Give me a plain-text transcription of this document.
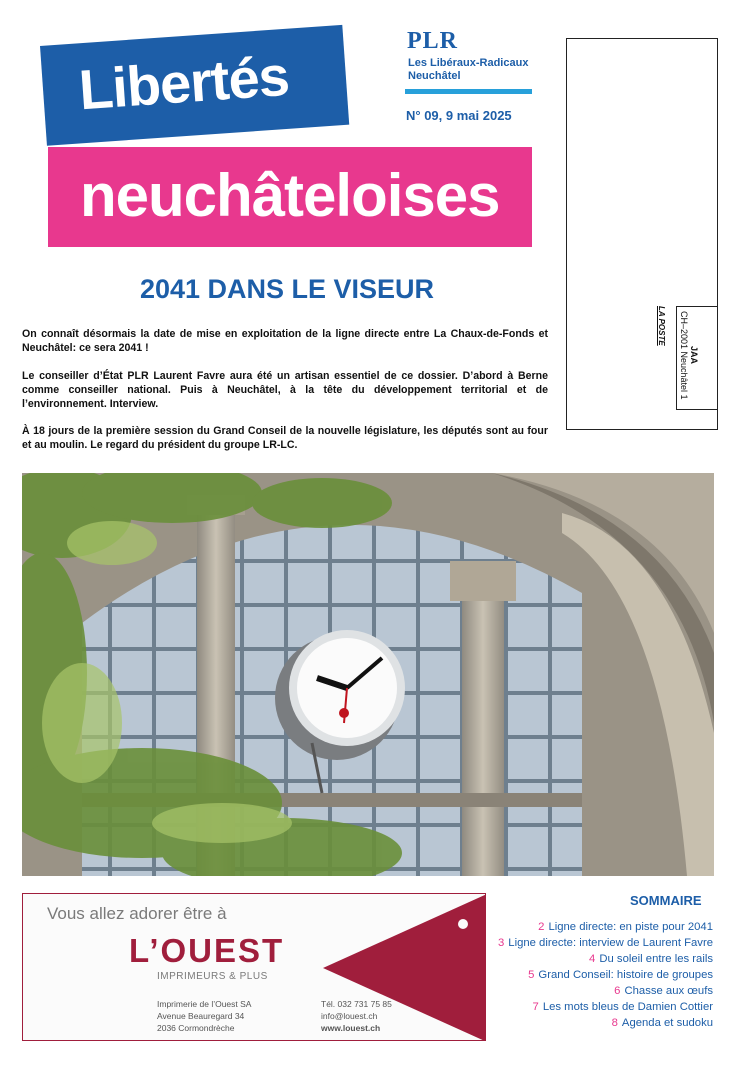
Libertés
neuchâteloises
PLR
Les Libéraux-Radicaux
Neuchâtel
N° 09, 9 mai 2025
JAA
CH–2001 Neuchâtel 1
LA POSTE
2041 DANS LE VISEUR
On connaît désormais la date de mise en exploitation de la ligne directe entre La Chaux-de-Fonds et Neuchâtel: ce sera 2041 !
Le conseiller d’État PLR Laurent Favre aura été un artisan essentiel de ce dossier. D’abord à Berne comme conseiller national. Puis à Neuchâtel, à la tête du développement territorial et de l’environnement. Interview.
À 18 jours de la première session du Grand Conseil de la nouvelle législature, les députés sont au four et au moulin. Le regard du président du groupe LR-LC.
Vous allez adorer être à
L’OUEST
IMPRIMEURS & PLUS
Imprimerie de l’Ouest SA
Avenue Beauregard 34
2036 Cormondrèche
Tél. 032 731 75 85
info@louest.ch
www.louest.ch
SOMMAIRE
2 Ligne directe: en piste pour 2041
3 Ligne directe: interview de Laurent Favre
4 Du soleil entre les rails
5 Grand Conseil: histoire de groupes
6 Chasse aux œufs
7 Les mots bleus de Damien Cottier
8 Agenda et sudoku
